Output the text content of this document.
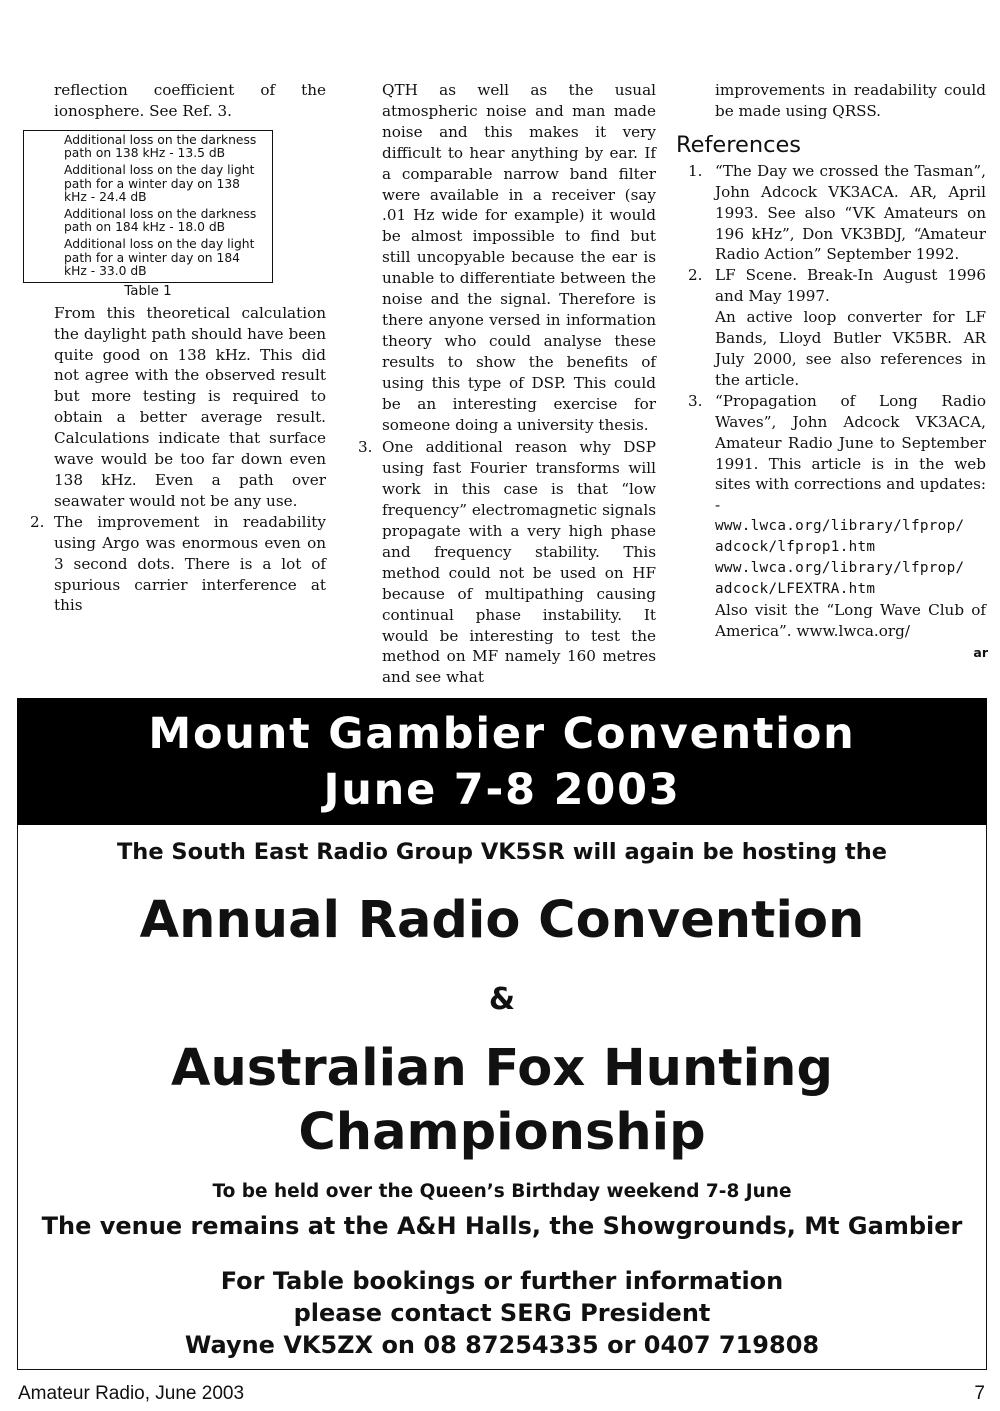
reflection coefficient of the ionosphere. See Ref. 3.

Additional loss on the darkness path on 138 kHz - 13.5 dB
Additional loss on the day light path for a winter day on 138 kHz - 24.4 dB
Additional loss on the darkness path on 184 kHz - 18.0 dB
Additional loss on the day light path for a winter day on 184 kHz - 33.0 dB
Table 1

From this theoretical calculation the daylight path should have been quite good on 138 kHz. This did not agree with the observed result but more testing is required to obtain a better average result. Calculations indicate that surface wave would be too far down even 138 kHz. Even a path over seawater would not be any use.

2. The improvement in readability using Argo was enormous even on 3 second dots. There is a lot of spurious carrier interference at this

QTH as well as the usual atmospheric noise and man made noise and this makes it very difficult to hear anything by ear. If a comparable narrow band filter were available in a receiver (say .01 Hz wide for example) it would be almost impossible to find but still uncopyable because the ear is unable to differentiate between the noise and the signal. Therefore is there anyone versed in information theory who could analyse these results to show the benefits of using this type of DSP. This could be an interesting exercise for someone doing a university thesis.

3. One additional reason why DSP using fast Fourier transforms will work in this case is that “low frequency” electromagnetic signals propagate with a very high phase and frequency stability. This method could not be used on HF because of multipathing causing continual phase instability. It would be interesting to test the method on MF namely 160 metres and see what

improvements in readability could be made using QRSS.

References
1. “The Day we crossed the Tasman”, John Adcock VK3ACA. AR, April 1993. See also “VK Amateurs on 196 kHz”, Don VK3BDJ, “Amateur Radio Action” September 1992.
2. LF Scene. Break-In August 1996 and May 1997.

An active loop converter for LF Bands, Lloyd Butler VK5BR. AR July 2000, see also references in the article.

3. “Propagation of Long Radio Waves”, John Adcock VK3ACA, Amateur Radio June to September 1991. This article is in the web sites with corrections and updates: -

www.lwca.org/library/lfprop/ adcock/lfprop1.htm

www.lwca.org/library/lfprop/ adcock/LFEXTRA.htm

Also visit the “Long Wave Club of America”. www.lwca.org/

ar
Mount Gambier Convention
June 7-8 2003
The South East Radio Group VK5SR will again be hosting the
Annual Radio Convention
&
Australian Fox Hunting
Championship
To be held over the Queen’s Birthday weekend 7-8 June
The venue remains at the A&H Halls, the Showgrounds, Mt Gambier
For Table bookings or further information
please contact SERG President
Wayne VK5ZX on 08 87254335 or 0407 719808
Amateur Radio, June 2003	7
